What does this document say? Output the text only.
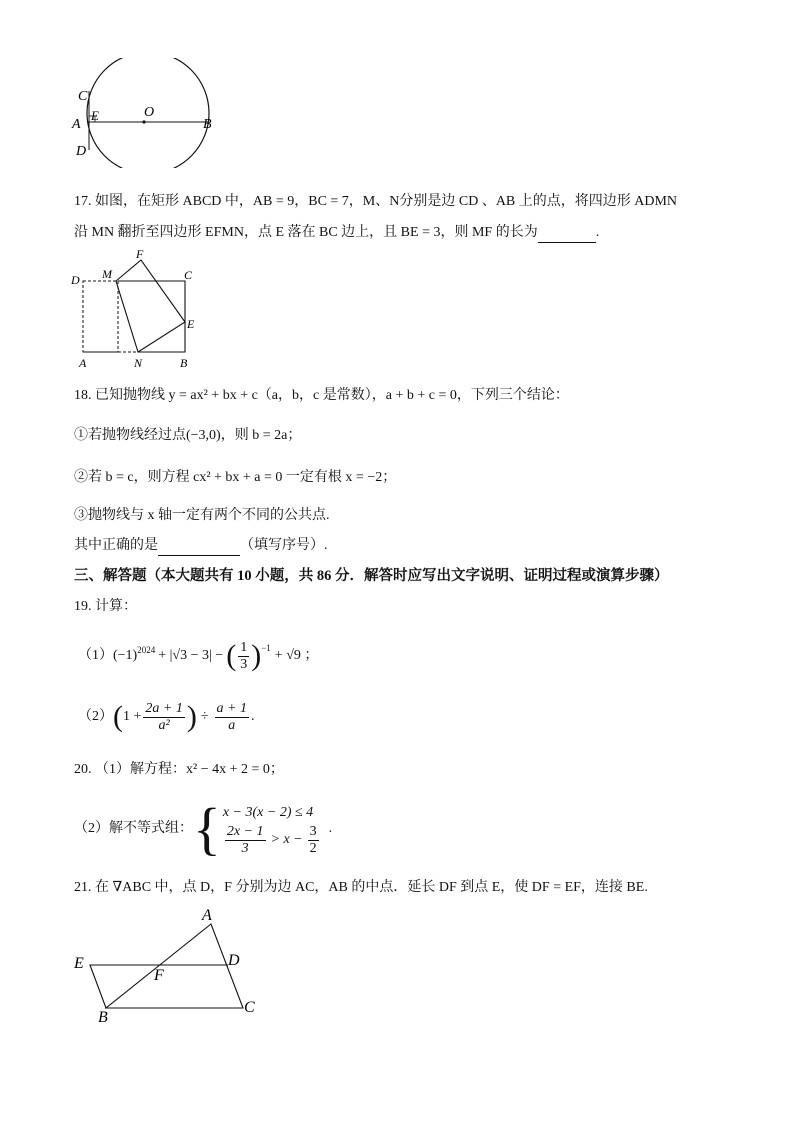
C
O
A
E
B
D
17. 如图，在矩形 ABCD 中，AB = 9，BC = 7，M、N分别是边 CD 、AB 上的点，将四边形 ADMN
沿 MN 翻折至四边形 EFMN，点 E 落在 BC 边上，且 BE = 3，则 MF 的长为	.
F
M	C
D
E
A	N	B
18. 已知抛物线 y = ax² + bx + c（a，b，c 是常数），a + b + c = 0，下列三个结论：
①若抛物线经过点(−3,0)，则 b = 2a；
②若 b = c，则方程 cx² + bx + a = 0 一定有根 x = −2；
③抛物线与 x 轴一定有两个不同的公共点.
其中正确的是	（填写序号）.
三、解答题（本大题共有 10 小题，共 86 分．解答时应写出文字说明、证明过程或演算步骤）
19. 计算：
（1） $(-1)^{2024} + |√3 - 3|$ − ( $\frac{1}{3} )^{-1} + √9$ ；
（2） ( $1 + \frac{2a + 1}{\text{a²}}$ ) ÷ $\frac{a + 1}{a}$ .
20. （1）解方程：x² − 4x + 2 = 0；
（2）解不等式组： { x − 3(x − 2) ≤ 4
$\frac{2x - 1}{3} > x - \frac{3}{2}$ .
21. 在 ∇ABC 中，点 D，F 分别为边 AC，AB 的中点．延长 DF 到点 E，使 DF = EF，连接 BE.
A
E	D
F
B
C
